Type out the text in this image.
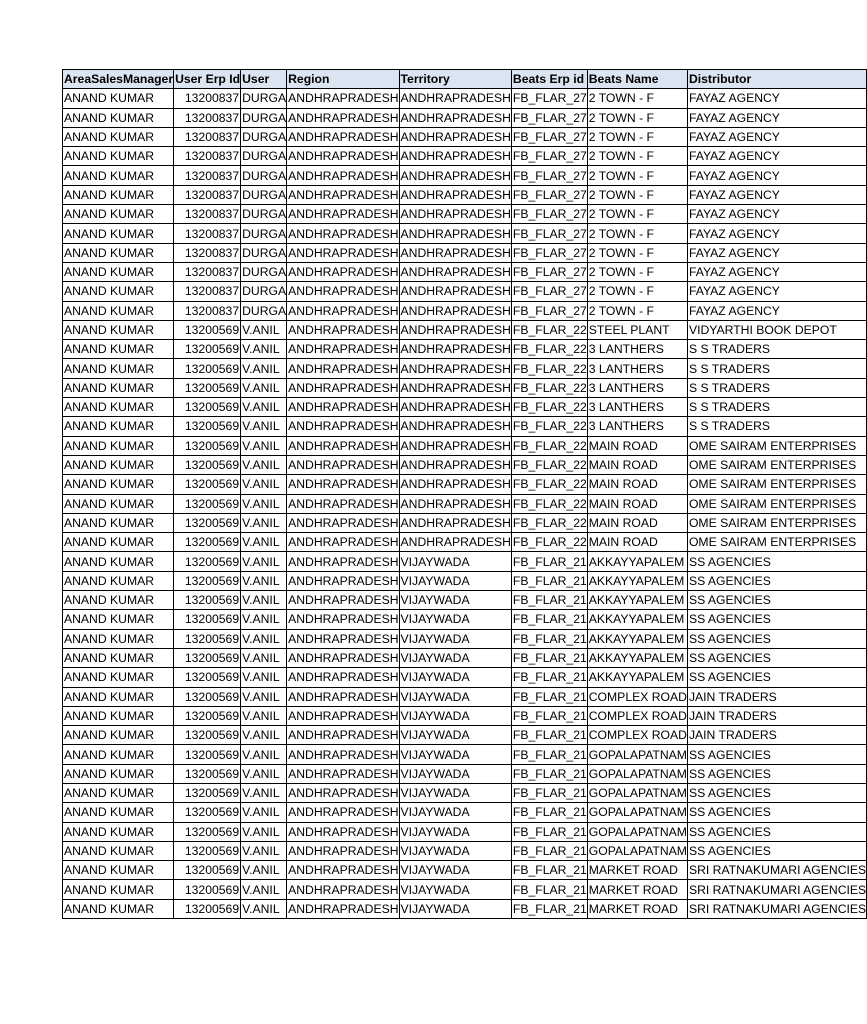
AreaSalesManager	User Erp Id	User	Region	Territory	Beats Erp id	Beats Name	Distributor
ANAND KUMAR	13200837	DURGA	ANDHRAPRADESH	ANDHRAPRADESH	FB_FLAR_27	2 TOWN - F	FAYAZ AGENCY
ANAND KUMAR	13200837	DURGA	ANDHRAPRADESH	ANDHRAPRADESH	FB_FLAR_27	2 TOWN - F	FAYAZ AGENCY
ANAND KUMAR	13200837	DURGA	ANDHRAPRADESH	ANDHRAPRADESH	FB_FLAR_27	2 TOWN - F	FAYAZ AGENCY
ANAND KUMAR	13200837	DURGA	ANDHRAPRADESH	ANDHRAPRADESH	FB_FLAR_27	2 TOWN - F	FAYAZ AGENCY
ANAND KUMAR	13200837	DURGA	ANDHRAPRADESH	ANDHRAPRADESH	FB_FLAR_27	2 TOWN - F	FAYAZ AGENCY
ANAND KUMAR	13200837	DURGA	ANDHRAPRADESH	ANDHRAPRADESH	FB_FLAR_27	2 TOWN - F	FAYAZ AGENCY
ANAND KUMAR	13200837	DURGA	ANDHRAPRADESH	ANDHRAPRADESH	FB_FLAR_27	2 TOWN - F	FAYAZ AGENCY
ANAND KUMAR	13200837	DURGA	ANDHRAPRADESH	ANDHRAPRADESH	FB_FLAR_27	2 TOWN - F	FAYAZ AGENCY
ANAND KUMAR	13200837	DURGA	ANDHRAPRADESH	ANDHRAPRADESH	FB_FLAR_27	2 TOWN - F	FAYAZ AGENCY
ANAND KUMAR	13200837	DURGA	ANDHRAPRADESH	ANDHRAPRADESH	FB_FLAR_27	2 TOWN - F	FAYAZ AGENCY
ANAND KUMAR	13200837	DURGA	ANDHRAPRADESH	ANDHRAPRADESH	FB_FLAR_27	2 TOWN - F	FAYAZ AGENCY
ANAND KUMAR	13200837	DURGA	ANDHRAPRADESH	ANDHRAPRADESH	FB_FLAR_27	2 TOWN - F	FAYAZ AGENCY
ANAND KUMAR	13200569	V.ANIL	ANDHRAPRADESH	ANDHRAPRADESH	FB_FLAR_22	STEEL PLANT	VIDYARTHI BOOK DEPOT
ANAND KUMAR	13200569	V.ANIL	ANDHRAPRADESH	ANDHRAPRADESH	FB_FLAR_22	3 LANTHERS	S S TRADERS
ANAND KUMAR	13200569	V.ANIL	ANDHRAPRADESH	ANDHRAPRADESH	FB_FLAR_22	3 LANTHERS	S S TRADERS
ANAND KUMAR	13200569	V.ANIL	ANDHRAPRADESH	ANDHRAPRADESH	FB_FLAR_22	3 LANTHERS	S S TRADERS
ANAND KUMAR	13200569	V.ANIL	ANDHRAPRADESH	ANDHRAPRADESH	FB_FLAR_22	3 LANTHERS	S S TRADERS
ANAND KUMAR	13200569	V.ANIL	ANDHRAPRADESH	ANDHRAPRADESH	FB_FLAR_22	3 LANTHERS	S S TRADERS
ANAND KUMAR	13200569	V.ANIL	ANDHRAPRADESH	ANDHRAPRADESH	FB_FLAR_22	MAIN ROAD	OME SAIRAM ENTERPRISES
ANAND KUMAR	13200569	V.ANIL	ANDHRAPRADESH	ANDHRAPRADESH	FB_FLAR_22	MAIN ROAD	OME SAIRAM ENTERPRISES
ANAND KUMAR	13200569	V.ANIL	ANDHRAPRADESH	ANDHRAPRADESH	FB_FLAR_22	MAIN ROAD	OME SAIRAM ENTERPRISES
ANAND KUMAR	13200569	V.ANIL	ANDHRAPRADESH	ANDHRAPRADESH	FB_FLAR_22	MAIN ROAD	OME SAIRAM ENTERPRISES
ANAND KUMAR	13200569	V.ANIL	ANDHRAPRADESH	ANDHRAPRADESH	FB_FLAR_22	MAIN ROAD	OME SAIRAM ENTERPRISES
ANAND KUMAR	13200569	V.ANIL	ANDHRAPRADESH	ANDHRAPRADESH	FB_FLAR_22	MAIN ROAD	OME SAIRAM ENTERPRISES
ANAND KUMAR	13200569	V.ANIL	ANDHRAPRADESH	VIJAYWADA	FB_FLAR_21	AKKAYYAPALEM	SS AGENCIES
ANAND KUMAR	13200569	V.ANIL	ANDHRAPRADESH	VIJAYWADA	FB_FLAR_21	AKKAYYAPALEM	SS AGENCIES
ANAND KUMAR	13200569	V.ANIL	ANDHRAPRADESH	VIJAYWADA	FB_FLAR_21	AKKAYYAPALEM	SS AGENCIES
ANAND KUMAR	13200569	V.ANIL	ANDHRAPRADESH	VIJAYWADA	FB_FLAR_21	AKKAYYAPALEM	SS AGENCIES
ANAND KUMAR	13200569	V.ANIL	ANDHRAPRADESH	VIJAYWADA	FB_FLAR_21	AKKAYYAPALEM	SS AGENCIES
ANAND KUMAR	13200569	V.ANIL	ANDHRAPRADESH	VIJAYWADA	FB_FLAR_21	AKKAYYAPALEM	SS AGENCIES
ANAND KUMAR	13200569	V.ANIL	ANDHRAPRADESH	VIJAYWADA	FB_FLAR_21	AKKAYYAPALEM	SS AGENCIES
ANAND KUMAR	13200569	V.ANIL	ANDHRAPRADESH	VIJAYWADA	FB_FLAR_21	COMPLEX ROAD	JAIN TRADERS
ANAND KUMAR	13200569	V.ANIL	ANDHRAPRADESH	VIJAYWADA	FB_FLAR_21	COMPLEX ROAD	JAIN TRADERS
ANAND KUMAR	13200569	V.ANIL	ANDHRAPRADESH	VIJAYWADA	FB_FLAR_21	COMPLEX ROAD	JAIN TRADERS
ANAND KUMAR	13200569	V.ANIL	ANDHRAPRADESH	VIJAYWADA	FB_FLAR_21	GOPALAPATNAM	SS AGENCIES
ANAND KUMAR	13200569	V.ANIL	ANDHRAPRADESH	VIJAYWADA	FB_FLAR_21	GOPALAPATNAM	SS AGENCIES
ANAND KUMAR	13200569	V.ANIL	ANDHRAPRADESH	VIJAYWADA	FB_FLAR_21	GOPALAPATNAM	SS AGENCIES
ANAND KUMAR	13200569	V.ANIL	ANDHRAPRADESH	VIJAYWADA	FB_FLAR_21	GOPALAPATNAM	SS AGENCIES
ANAND KUMAR	13200569	V.ANIL	ANDHRAPRADESH	VIJAYWADA	FB_FLAR_21	GOPALAPATNAM	SS AGENCIES
ANAND KUMAR	13200569	V.ANIL	ANDHRAPRADESH	VIJAYWADA	FB_FLAR_21	GOPALAPATNAM	SS AGENCIES
ANAND KUMAR	13200569	V.ANIL	ANDHRAPRADESH	VIJAYWADA	FB_FLAR_21	MARKET ROAD	SRI RATNAKUMARI AGENCIES
ANAND KUMAR	13200569	V.ANIL	ANDHRAPRADESH	VIJAYWADA	FB_FLAR_21	MARKET ROAD	SRI RATNAKUMARI AGENCIES
ANAND KUMAR	13200569	V.ANIL	ANDHRAPRADESH	VIJAYWADA	FB_FLAR_21	MARKET ROAD	SRI RATNAKUMARI AGENCIES
